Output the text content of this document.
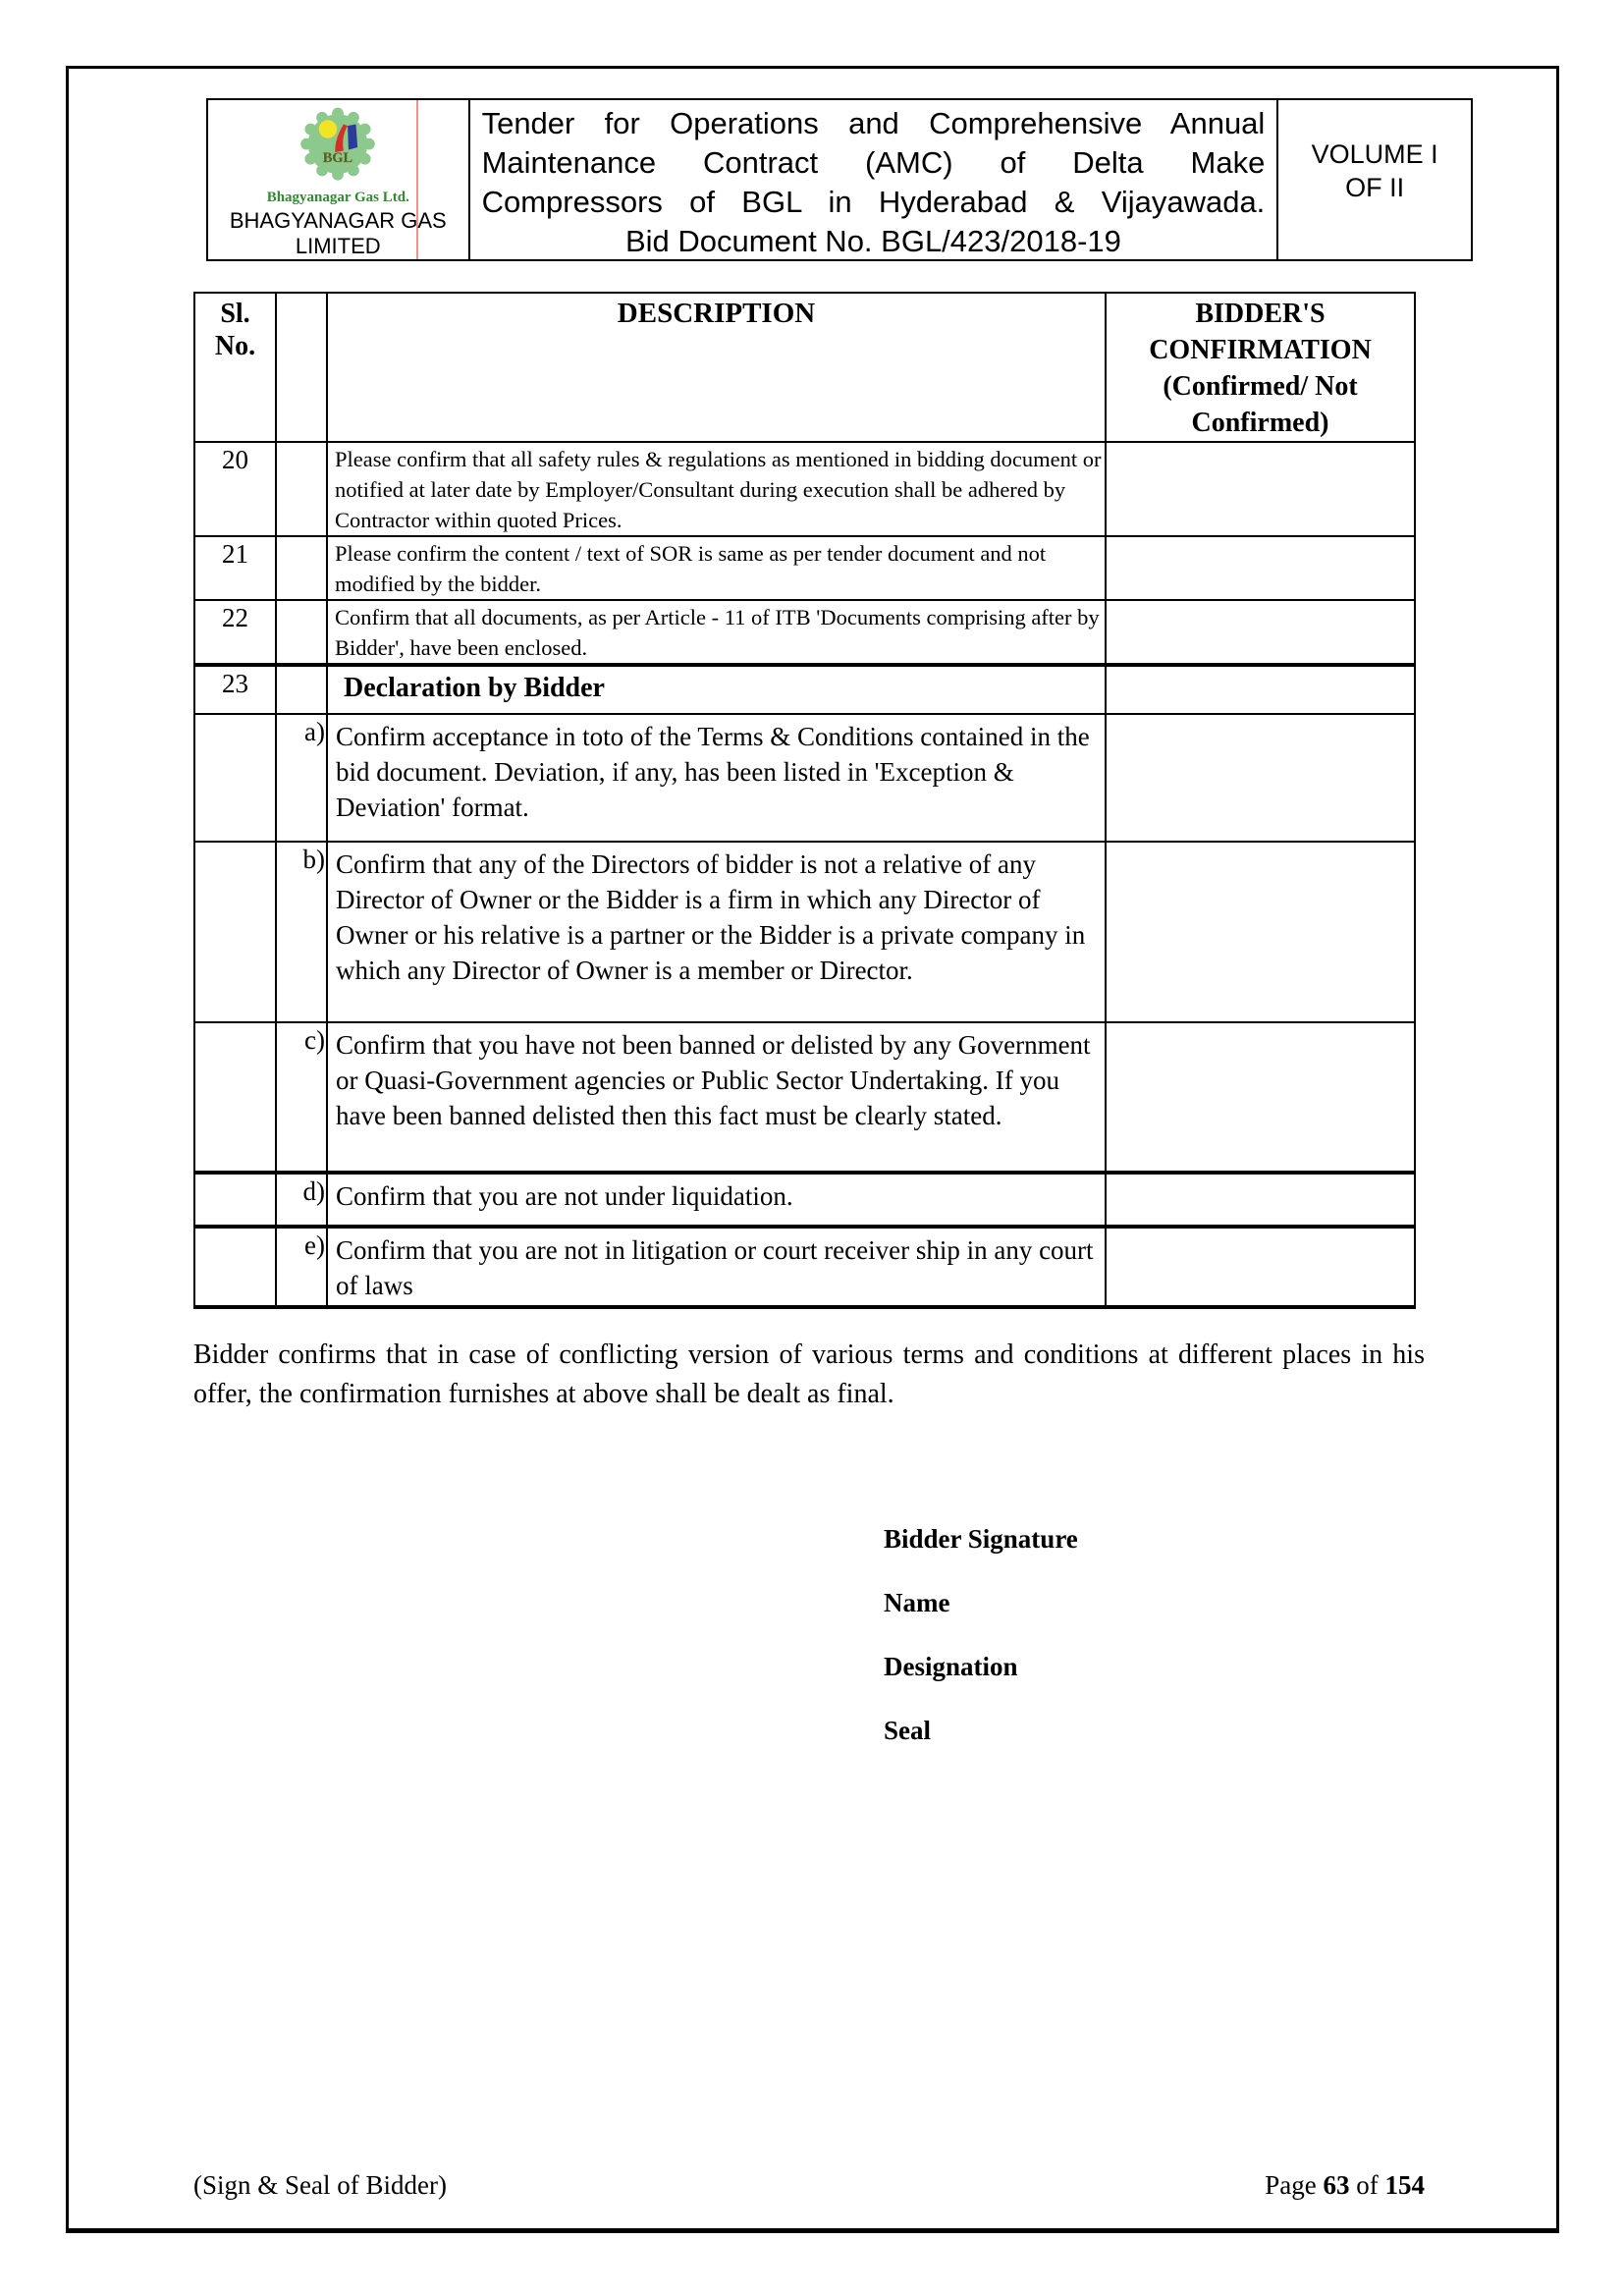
BGL
Bhagyanagar Gas Ltd.
BHAGYANAGAR GAS
LIMITED
Tender for Operations and Comprehensive Annual
Maintenance Contract (AMC) of Delta Make
Compressors of BGL in Hyderabad & Vijayawada.
Bid Document No. BGL/423/2018-19
VOLUME I
OF II
Sl.
No.		DESCRIPTION	BIDDER'S CONFIRMATION (Confirmed/ Not Confirmed)
20		Please confirm that all safety rules & regulations as mentioned in bidding document or notified at later date by Employer/Consultant during execution shall be adhered by Contractor within quoted Prices.	
21		Please confirm the content / text of SOR is same as per tender document and not modified by the bidder.	
22		Confirm that all documents, as per Article - 11 of ITB 'Documents comprising after by Bidder', have been enclosed.	
23		Declaration by Bidder	
	a)	Confirm acceptance in toto of the Terms & Conditions contained in the bid document. Deviation, if any, has been listed in 'Exception & Deviation' format.	
	b)	Confirm that any of the Directors of bidder is not a relative of any Director of Owner or the Bidder is a firm in which any Director of Owner or his relative is a partner or the Bidder is a private company in which any Director of Owner is a member or Director.	
	c)	Confirm that you have not been banned or delisted by any Government or Quasi-Government agencies or Public Sector Undertaking. If you have been banned delisted then this fact must be clearly stated.	
	d)	Confirm that you are not under liquidation.	
	e)	Confirm that you are not in litigation or court receiver ship in any court of laws	
Bidder confirms that in case of conflicting version of various terms and conditions at different places in his offer, the confirmation furnishes at above shall be dealt as final.
Bidder Signature
Name
Designation
Seal
(Sign & Seal of Bidder)	Page 63 of 154
